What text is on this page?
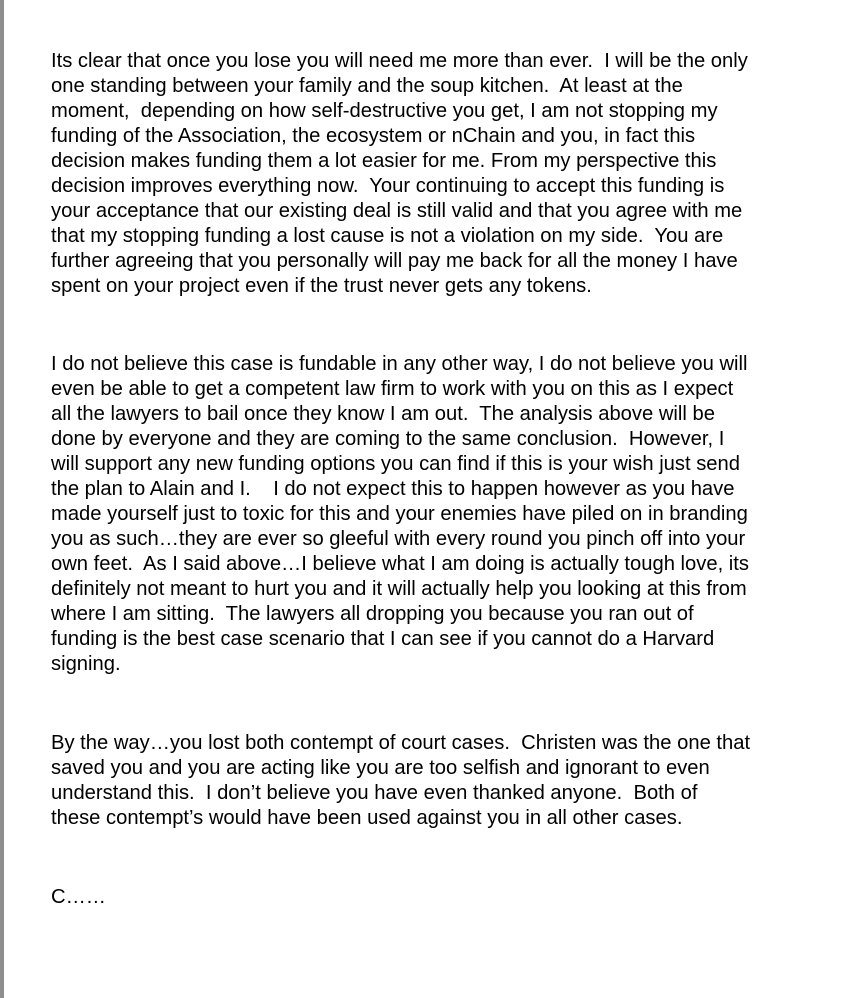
Its clear that once you lose you will need me more than ever.  I will be the only
one standing between your family and the soup kitchen.  At least at the
moment,  depending on how self-destructive you get, I am not stopping my
funding of the Association, the ecosystem or nChain and you, in fact this
decision makes funding them a lot easier for me. From my perspective this
decision improves everything now.  Your continuing to accept this funding is
your acceptance that our existing deal is still valid and that you agree with me
that my stopping funding a lost cause is not a violation on my side.  You are
further agreeing that you personally will pay me back for all the money I have
spent on your project even if the trust never gets any tokens.
I do not believe this case is fundable in any other way, I do not believe you will
even be able to get a competent law firm to work with you on this as I expect
all the lawyers to bail once they know I am out.  The analysis above will be
done by everyone and they are coming to the same conclusion.  However, I
will support any new funding options you can find if this is your wish just send
the plan to Alain and I.    I do not expect this to happen however as you have
made yourself just to toxic for this and your enemies have piled on in branding
you as such…they are ever so gleeful with every round you pinch off into your
own feet.  As I said above…I believe what I am doing is actually tough love, its
definitely not meant to hurt you and it will actually help you looking at this from
where I am sitting.  The lawyers all dropping you because you ran out of
funding is the best case scenario that I can see if you cannot do a Harvard
signing.
By the way…you lost both contempt of court cases.  Christen was the one that
saved you and you are acting like you are too selfish and ignorant to even
understand this.  I don’t believe you have even thanked anyone.  Both of
these contempt’s would have been used against you in all other cases.
C……
